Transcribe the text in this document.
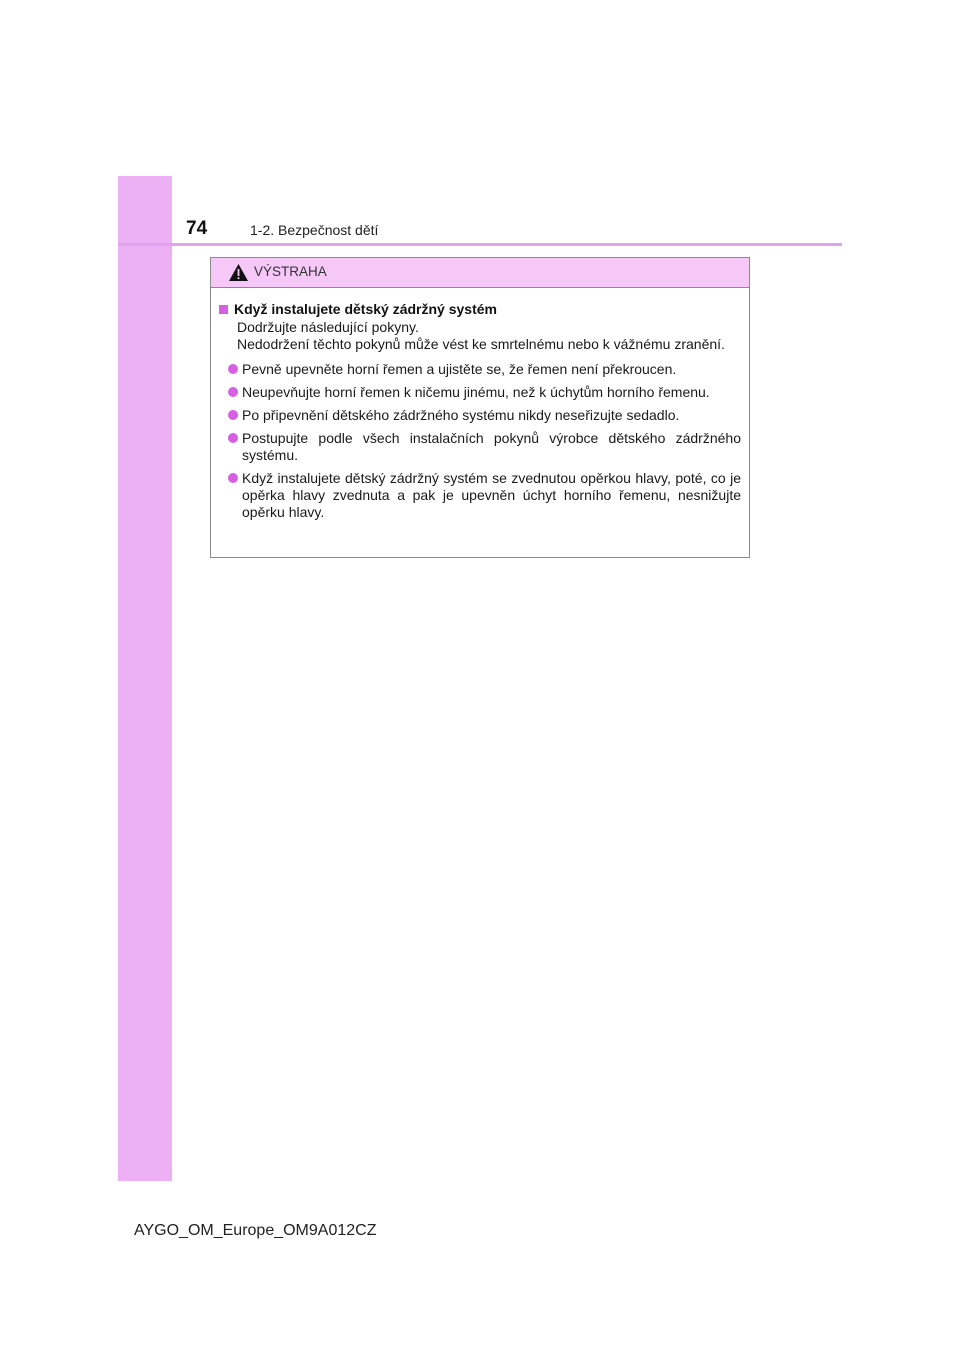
74	1-2. Bezpečnost dětí
VÝSTRAHA
Když instalujete dětský zádržný systém
Dodržujte následující pokyny.
Nedodržení těchto pokynů může vést ke smrtelnému nebo k vážnému zranění.
Pevně upevněte horní řemen a ujistěte se, že řemen není překroucen.
Neupevňujte horní řemen k ničemu jinému, než k úchytům horního řemenu.
Po připevnění dětského zádržného systému nikdy neseřizujte sedadlo.
Postupujte podle všech instalačních pokynů výrobce dětského zádržného systému.
Když instalujete dětský zádržný systém se zvednutou opěrkou hlavy, poté, co je opěrka hlavy zvednuta a pak je upevněn úchyt horního řemenu, nesnižujte opěrku hlavy.
AYGO_OM_Europe_OM9A012CZ
